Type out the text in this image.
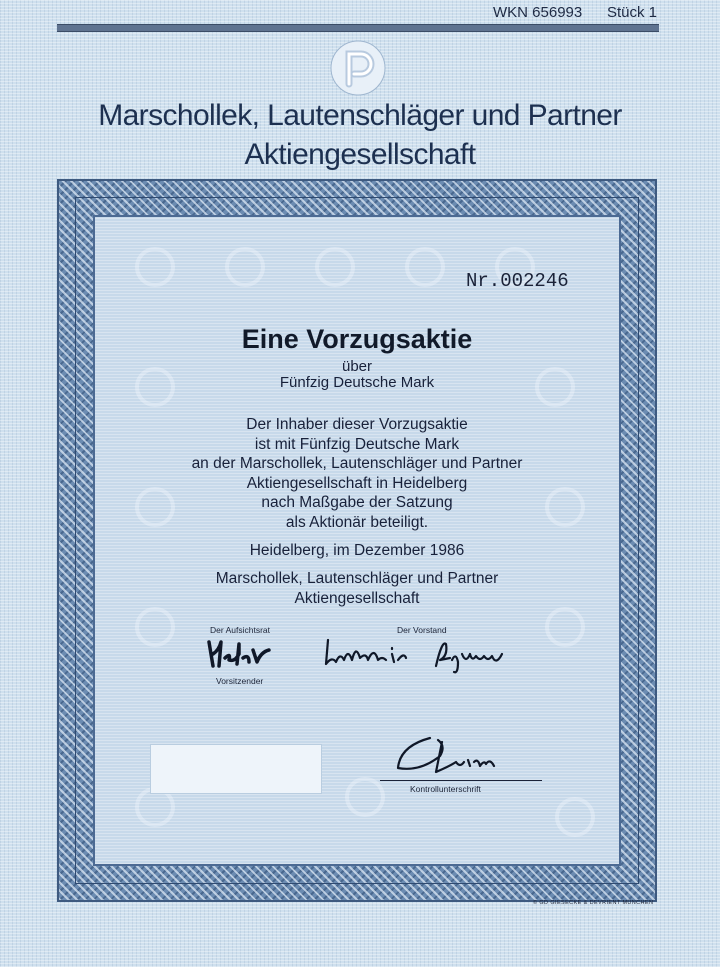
WKN 656993 Stück 1
Marschollek, Lautenschläger und Partner
Aktiengesellschaft
Nr.002246
Eine Vorzugsaktie
über
Fünfzig Deutsche Mark
Der Inhaber dieser Vorzugsaktie
ist mit Fünfzig Deutsche Mark
an der Marschollek, Lautenschläger und Partner
Aktiengesellschaft in Heidelberg
nach Maßgabe der Satzung
als Aktionär beteiligt.
Heidelberg, im Dezember 1986
Marschollek, Lautenschläger und Partner
Aktiengesellschaft
Der Aufsichtsrat	Der Vorstand
Vorsitzender
Kontrollunterschrift
© GD GIESECKE & DEVRIENT MÜNCHEN
